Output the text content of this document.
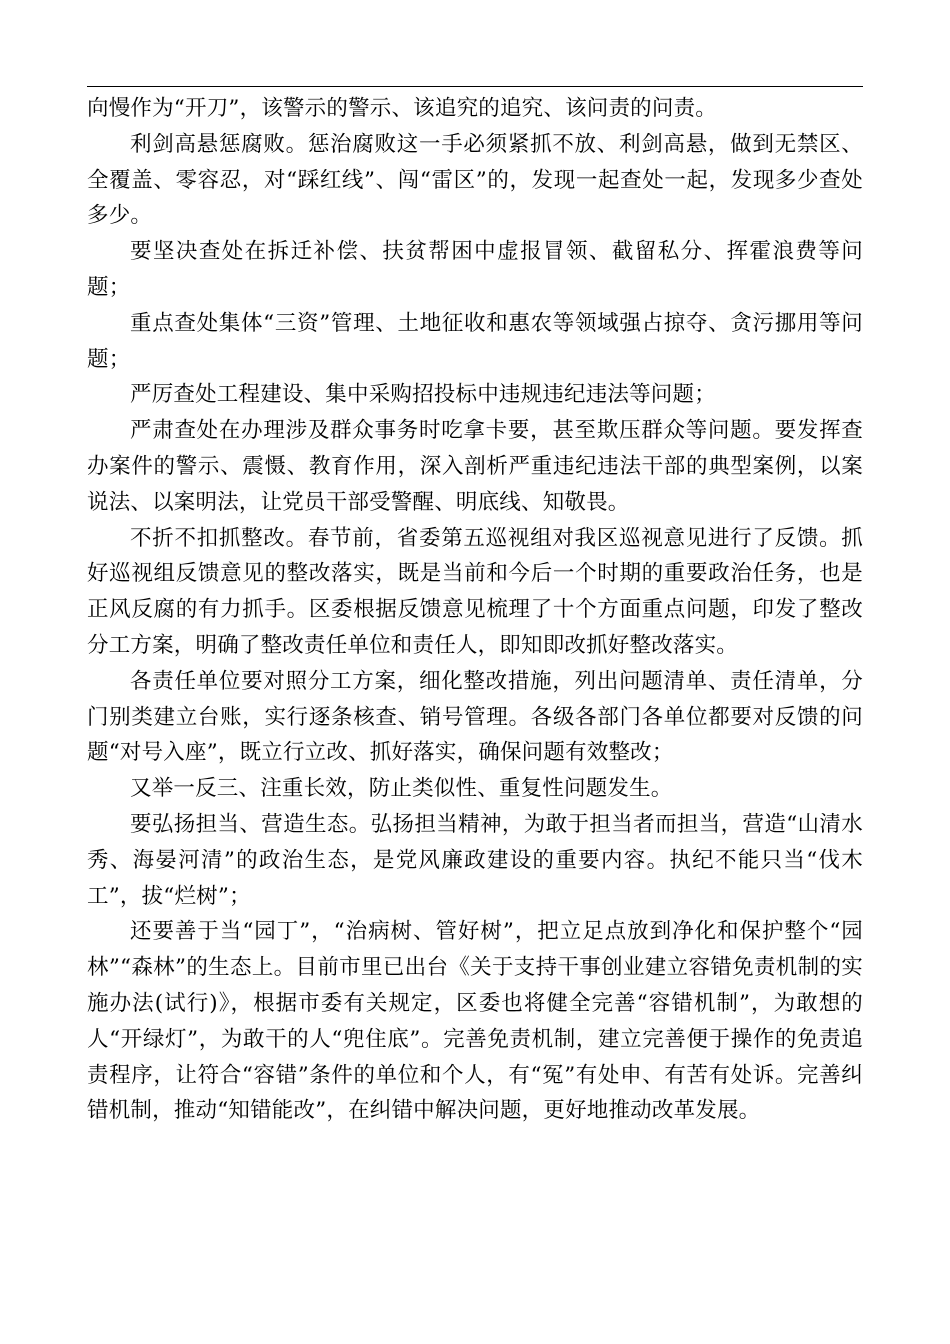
向慢作为“开刀”，该警示的警示、该追究的追究、该问责的问责。

利剑高悬惩腐败。惩治腐败这一手必须紧抓不放、利剑高悬，做到无禁区、全覆盖、零容忍，对“踩红线”、闯“雷区”的，发现一起查处一起，发现多少查处多少。

要坚决查处在拆迁补偿、扶贫帮困中虚报冒领、截留私分、挥霍浪费等问题；

重点查处集体“三资”管理、土地征收和惠农等领域强占掠夺、贪污挪用等问题；

严厉查处工程建设、集中采购招投标中违规违纪违法等问题；

严肃查处在办理涉及群众事务时吃拿卡要，甚至欺压群众等问题。要发挥查办案件的警示、震慑、教育作用，深入剖析严重违纪违法干部的典型案例，以案说法、以案明法，让党员干部受警醒、明底线、知敬畏。

不折不扣抓整改。春节前，省委第五巡视组对我区巡视意见进行了反馈。抓好巡视组反馈意见的整改落实，既是当前和今后一个时期的重要政治任务，也是正风反腐的有力抓手。区委根据反馈意见梳理了十个方面重点问题，印发了整改分工方案，明确了整改责任单位和责任人，即知即改抓好整改落实。

各责任单位要对照分工方案，细化整改措施，列出问题清单、责任清单，分门别类建立台账，实行逐条核查、销号管理。各级各部门各单位都要对反馈的问题“对号入座”，既立行立改、抓好落实，确保问题有效整改；

又举一反三、注重长效，防止类似性、重复性问题发生。

要弘扬担当、营造生态。弘扬担当精神，为敢于担当者而担当，营造“山清水秀、海晏河清”的政治生态，是党风廉政建设的重要内容。执纪不能只当“伐木工”，拔“烂树”；

还要善于当“园丁”，“治病树、管好树”，把立足点放到净化和保护整个“园林”“森林”的生态上。目前市里已出台《关于支持干事创业建立容错免责机制的实施办法(试行)》，根据市委有关规定，区委也将健全完善“容错机制”，为敢想的人“开绿灯”，为敢干的人“兜住底”。完善免责机制，建立完善便于操作的免责追责程序，让符合“容错”条件的单位和个人，有“冤”有处申、有苦有处诉。完善纠错机制，推动“知错能改”，在纠错中解决问题，更好地推动改革发展。
